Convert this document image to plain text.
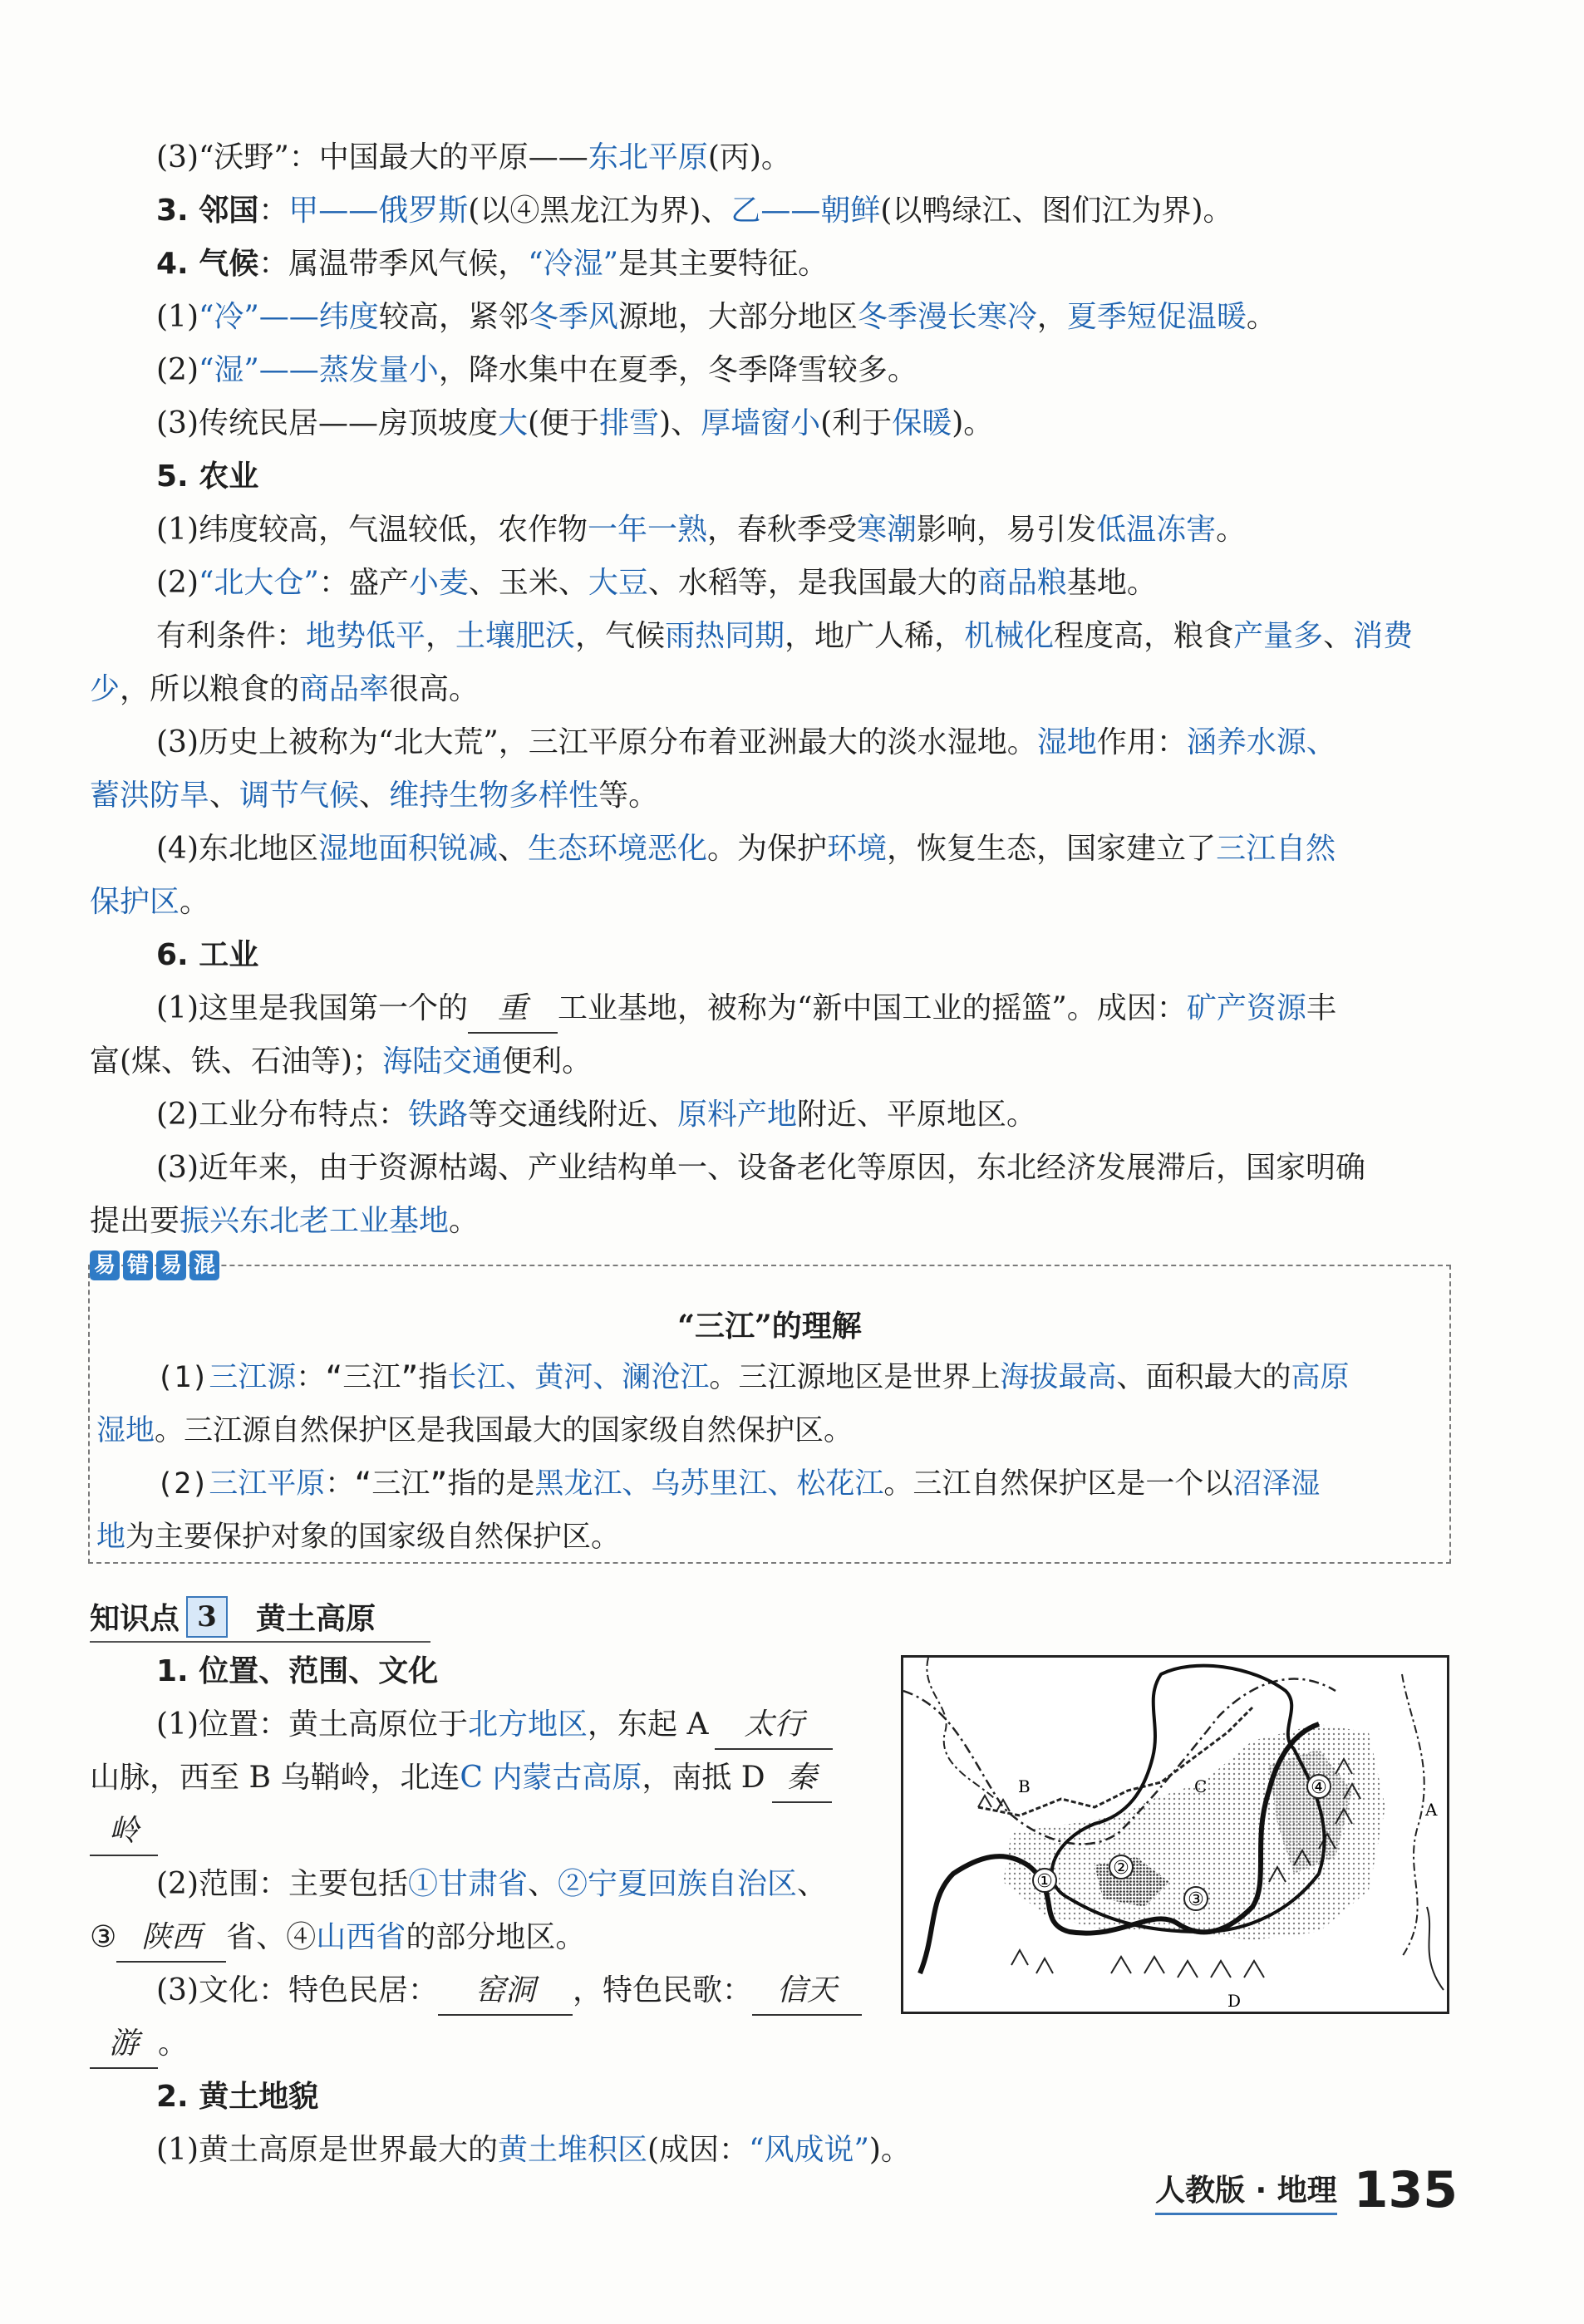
(3)“沃野”：中国最大的平原——东北平原(丙)。
3. 邻国：甲——俄罗斯(以④黑龙江为界)、乙——朝鲜(以鸭绿江、图们江为界)。
4. 气候：属温带季风气候，“冷湿”是其主要特征。
(1)“冷”——纬度较高，紧邻冬季风源地，大部分地区冬季漫长寒冷，夏季短促温暖。
(2)“湿”——蒸发量小，降水集中在夏季，冬季降雪较多。
(3)传统民居——房顶坡度大(便于排雪)、厚墙窗小(利于保暖)。
5. 农业
(1)纬度较高，气温较低，农作物一年一熟，春秋季受寒潮影响，易引发低温冻害。
(2)“北大仓”：盛产小麦、玉米、大豆、水稻等，是我国最大的商品粮基地。
有利条件：地势低平，土壤肥沃，气候雨热同期，地广人稀，机械化程度高，粮食产量多、消费
少，所以粮食的商品率很高。
(3)历史上被称为“北大荒”，三江平原分布着亚洲最大的淡水湿地。湿地作用：涵养水源、
蓄洪防旱、调节气候、维持生物多样性等。
(4)东北地区湿地面积锐减、生态环境恶化。为保护环境，恢复生态，国家建立了三江自然
保护区。
6. 工业
(1)这里是我国第一个的 重 工业基地，被称为“新中国工业的摇篮”。成因：矿产资源丰
富(煤、铁、石油等)；海陆交通便利。
(2)工业分布特点：铁路等交通线附近、原料产地附近、平原地区。
(3)近年来，由于资源枯竭、产业结构单一、设备老化等原因，东北经济发展滞后，国家明确
提出要振兴东北老工业基地。
易 错 易 混
“三江”的理解
(1)三江源：“三江”指长江、黄河、澜沧江。三江源地区是世界上海拔最高、面积最大的高原
湿地。三江源自然保护区是我国最大的国家级自然保护区。
(2)三江平原：“三江”指的是黑龙江、乌苏里江、松花江。三江自然保护区是一个以沼泽湿
地为主要保护对象的国家级自然保护区。
知识点 3	黄土高原
1. 位置、范围、文化
(1)位置：黄土高原位于北方地区，东起 A 太行
山脉，西至 B 乌鞘岭，北连C 内蒙古高原，南抵 D 秦
岭
(2)范围：主要包括①甘肃省、②宁夏回族自治区、
③ 陕西 省、④山西省的部分地区。
(3)文化：特色民居： 窑洞 ，特色民歌： 信天
游 。
2. 黄土地貌
(1)黄土高原是世界最大的黄土堆积区(成因：“风成说”)。
①
②
③
④
A
B	C
D
人教版 · 地理 135
